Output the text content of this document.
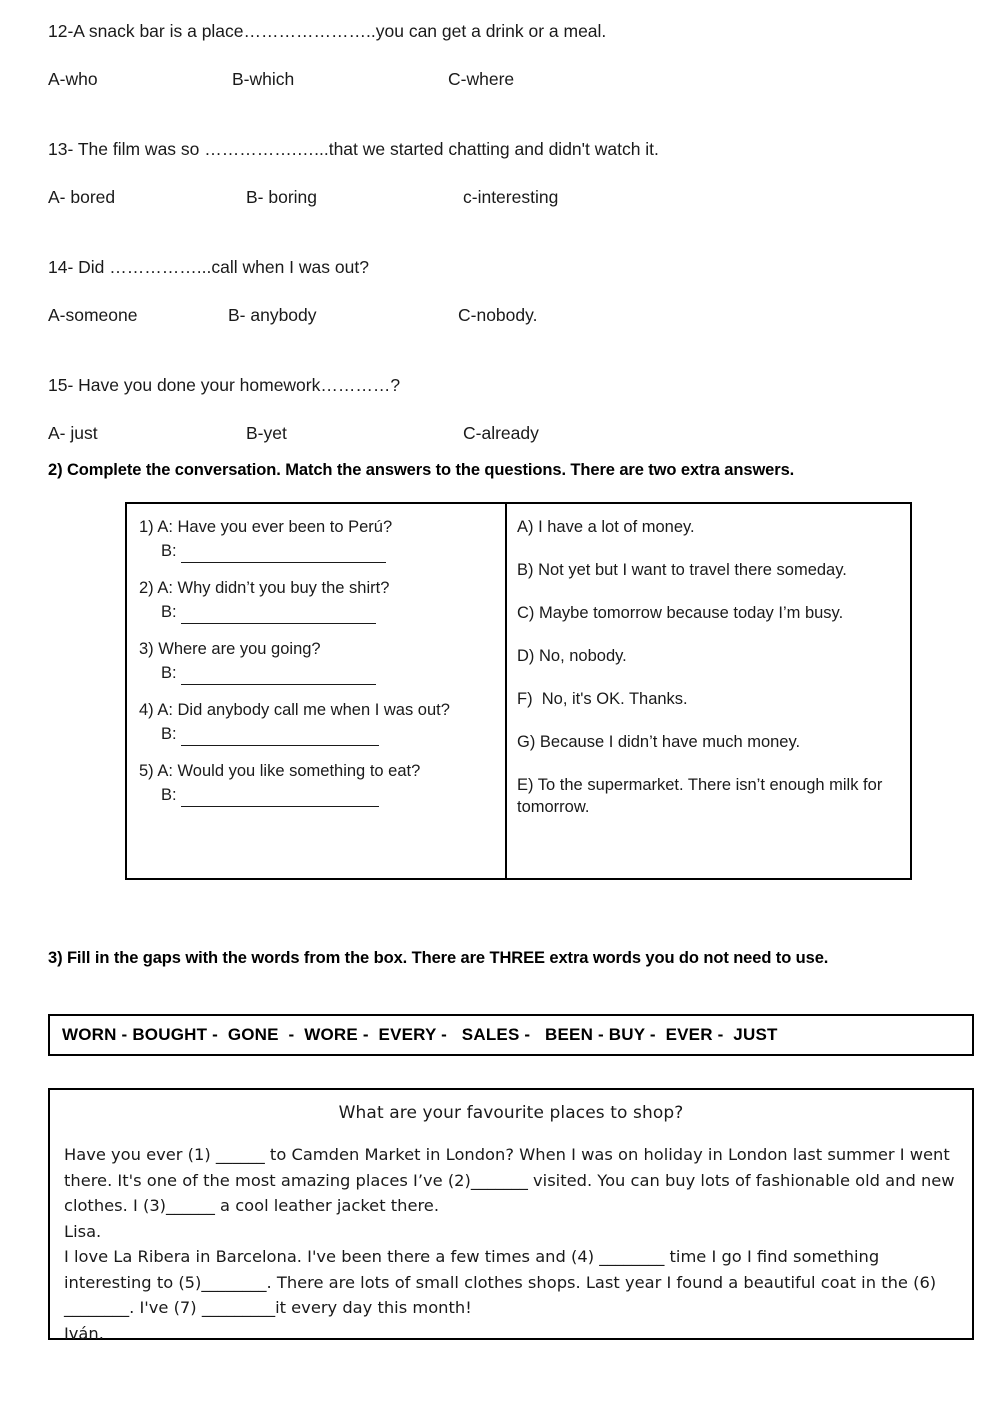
12-A snack bar is a place…………………..you can get a drink or a meal.

A-who	B-which	C-where

13- The film was so …………….…...that we started chatting and didn't watch it.

A- bored	B- boring	c-interesting

14- Did ……………...call when I was out?

A-someone	B- anybody	C-nobody.

15- Have you done your homework…………?

A- just	B-yet	C-already
2) Complete the conversation. Match the answers to the questions. There are two extra answers.
1) A: Have you ever been to Perú?
B:
2) A: Why didn’t you buy the shirt?
B:
3) Where are you going?
B:
4) A: Did anybody call me when I was out?
B:
5) A: Would you like something to eat?
B:
A) I have a lot of money.
B) Not yet but I want to travel there someday.
C) Maybe tomorrow because today I’m busy.
D) No, nobody.
F)  No, it's OK. Thanks.
G) Because I didn’t have much money.
E) To the supermarket. There isn’t enough milk for tomorrow.
3) Fill in the gaps with the words from the box. There are THREE extra words you do not need to use.
WORN - BOUGHT -  GONE  -  WORE -  EVERY -   SALES -   BEEN - BUY -  EVER -  JUST
What are your favourite places to shop?

Have you ever (1) ______ to Camden Market in London? When I was on holiday in London last summer I went there. It's one of the most amazing places I’ve (2)_______ visited. You can buy lots of fashionable old and new clothes. I (3)______ a cool leather jacket there.

Lisa.

I love La Ribera in Barcelona. I've been there a few times and (4) ________ time I go I find something interesting to (5)________. There are lots of small clothes shops. Last year I found a beautiful coat in the (6) ________. I've (7) _________it every day this month!

Iván.
